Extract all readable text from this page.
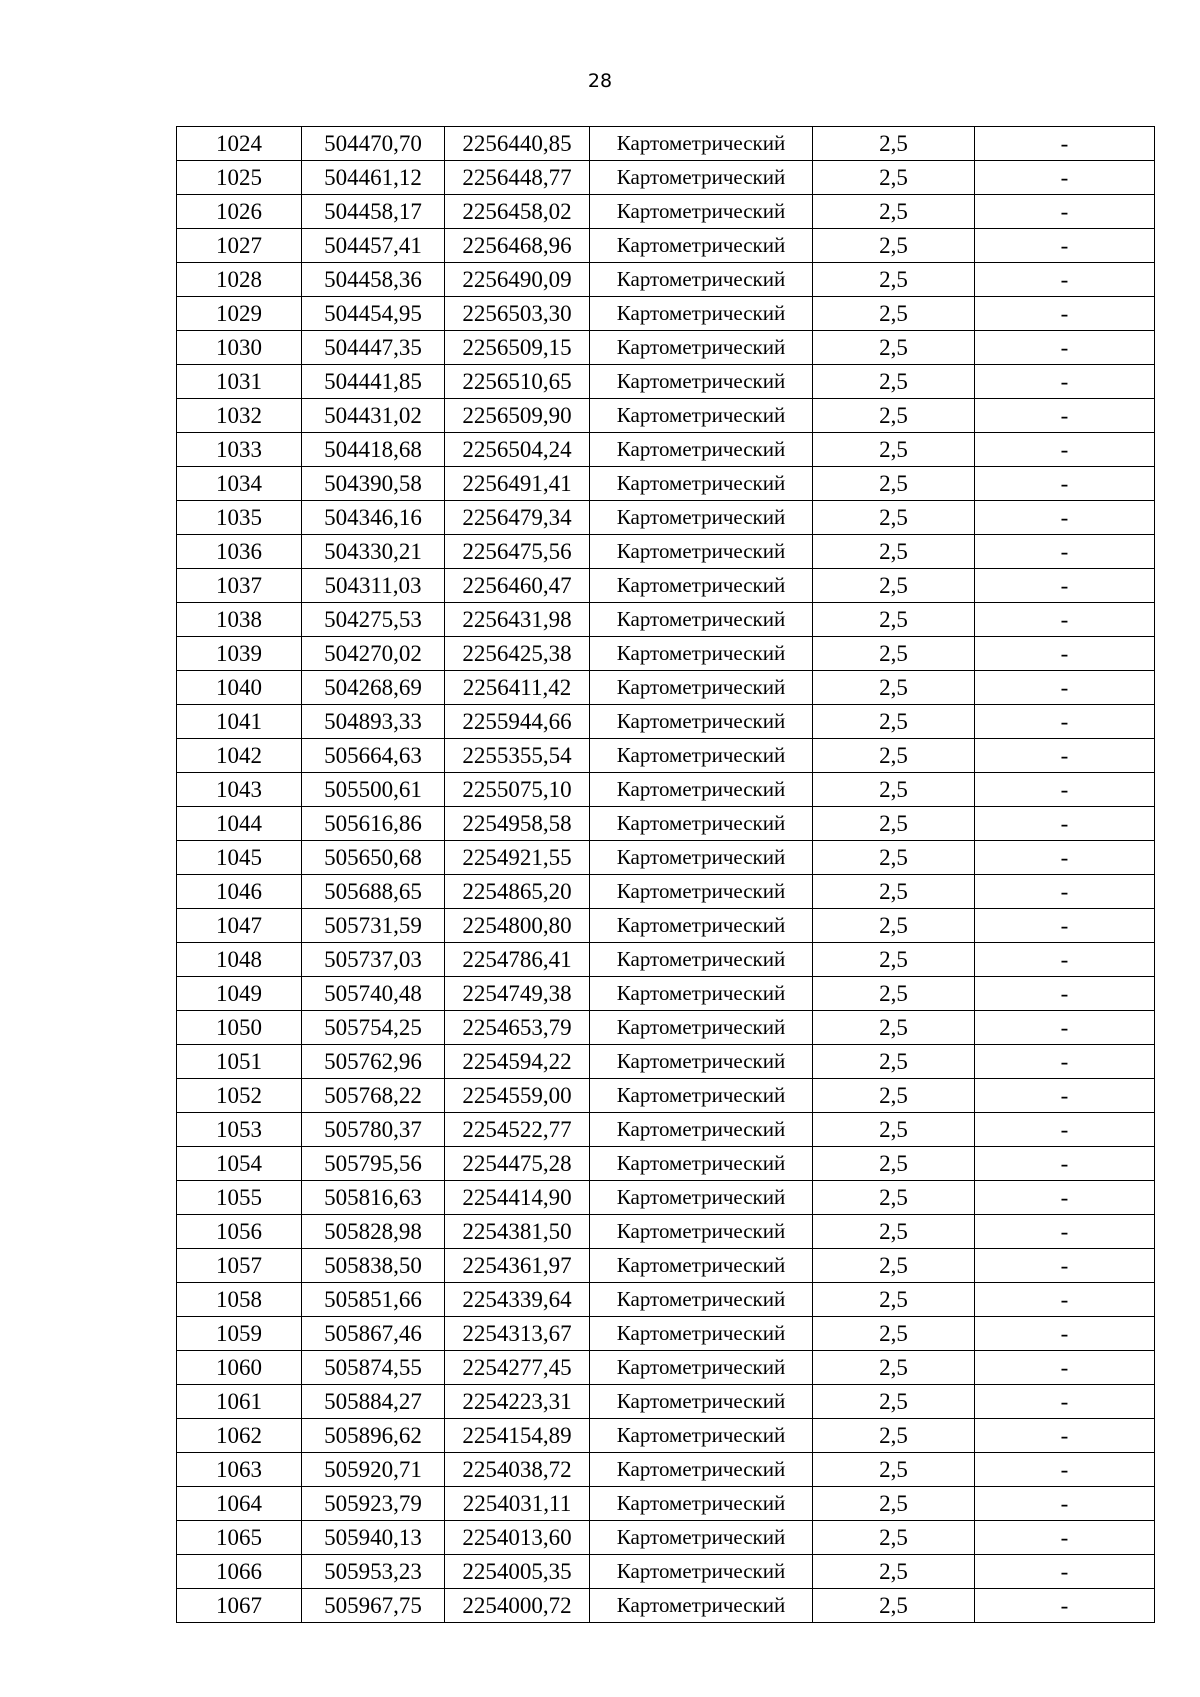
28
1024	504470,70	2256440,85	Картометрический	2,5	-
1025	504461,12	2256448,77	Картометрический	2,5	-
1026	504458,17	2256458,02	Картометрический	2,5	-
1027	504457,41	2256468,96	Картометрический	2,5	-
1028	504458,36	2256490,09	Картометрический	2,5	-
1029	504454,95	2256503,30	Картометрический	2,5	-
1030	504447,35	2256509,15	Картометрический	2,5	-
1031	504441,85	2256510,65	Картометрический	2,5	-
1032	504431,02	2256509,90	Картометрический	2,5	-
1033	504418,68	2256504,24	Картометрический	2,5	-
1034	504390,58	2256491,41	Картометрический	2,5	-
1035	504346,16	2256479,34	Картометрический	2,5	-
1036	504330,21	2256475,56	Картометрический	2,5	-
1037	504311,03	2256460,47	Картометрический	2,5	-
1038	504275,53	2256431,98	Картометрический	2,5	-
1039	504270,02	2256425,38	Картометрический	2,5	-
1040	504268,69	2256411,42	Картометрический	2,5	-
1041	504893,33	2255944,66	Картометрический	2,5	-
1042	505664,63	2255355,54	Картометрический	2,5	-
1043	505500,61	2255075,10	Картометрический	2,5	-
1044	505616,86	2254958,58	Картометрический	2,5	-
1045	505650,68	2254921,55	Картометрический	2,5	-
1046	505688,65	2254865,20	Картометрический	2,5	-
1047	505731,59	2254800,80	Картометрический	2,5	-
1048	505737,03	2254786,41	Картометрический	2,5	-
1049	505740,48	2254749,38	Картометрический	2,5	-
1050	505754,25	2254653,79	Картометрический	2,5	-
1051	505762,96	2254594,22	Картометрический	2,5	-
1052	505768,22	2254559,00	Картометрический	2,5	-
1053	505780,37	2254522,77	Картометрический	2,5	-
1054	505795,56	2254475,28	Картометрический	2,5	-
1055	505816,63	2254414,90	Картометрический	2,5	-
1056	505828,98	2254381,50	Картометрический	2,5	-
1057	505838,50	2254361,97	Картометрический	2,5	-
1058	505851,66	2254339,64	Картометрический	2,5	-
1059	505867,46	2254313,67	Картометрический	2,5	-
1060	505874,55	2254277,45	Картометрический	2,5	-
1061	505884,27	2254223,31	Картометрический	2,5	-
1062	505896,62	2254154,89	Картометрический	2,5	-
1063	505920,71	2254038,72	Картометрический	2,5	-
1064	505923,79	2254031,11	Картометрический	2,5	-
1065	505940,13	2254013,60	Картометрический	2,5	-
1066	505953,23	2254005,35	Картометрический	2,5	-
1067	505967,75	2254000,72	Картометрический	2,5	-
